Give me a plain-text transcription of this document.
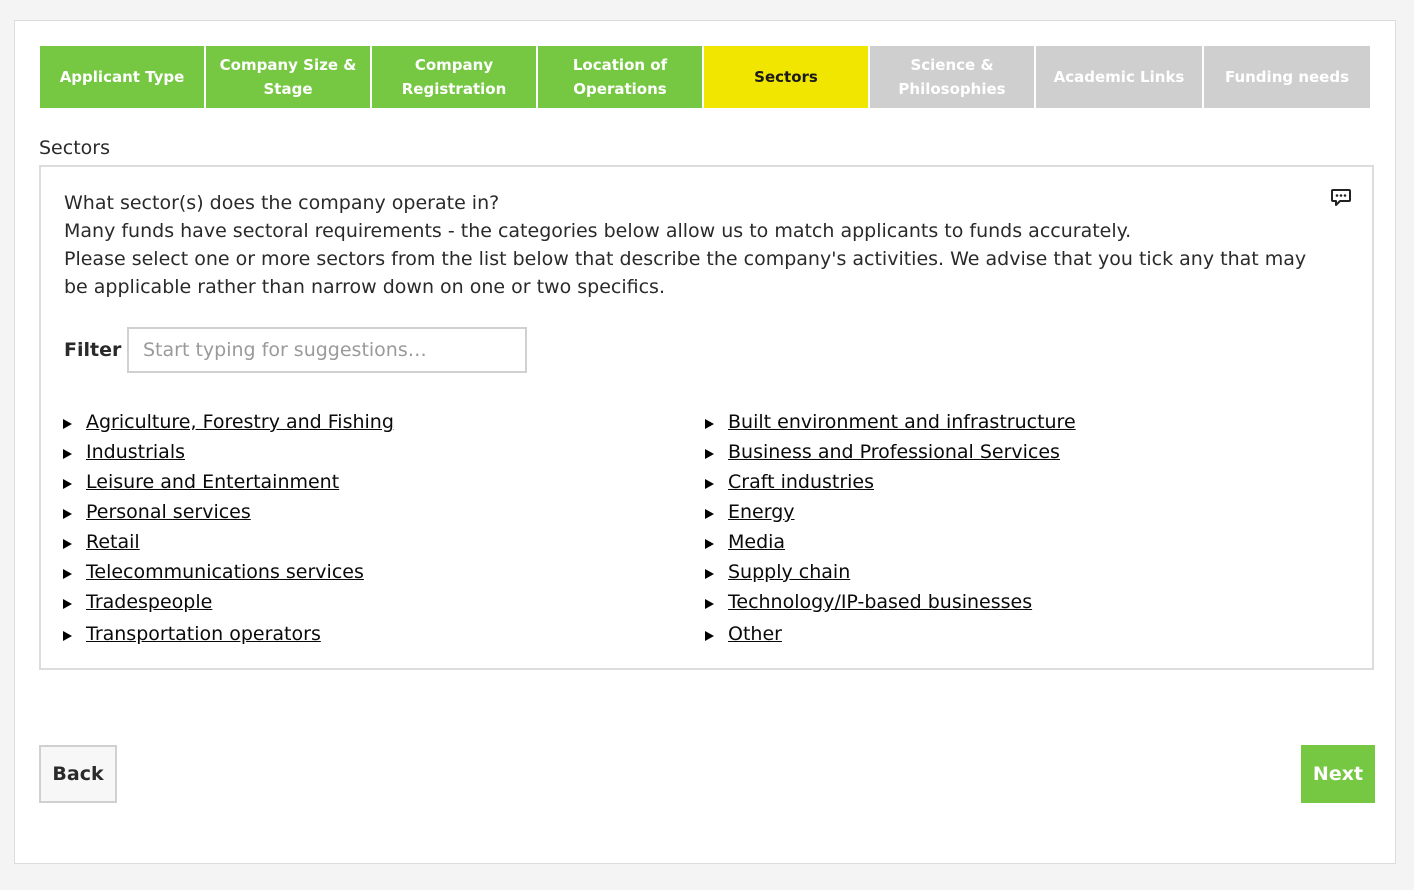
Applicant Type
Company Size & Stage
Company Registration
Location of Operations
Sectors
Science & Philosophies
Academic Links	Funding needs
Sectors

What sector(s) does the company operate in?

Many funds have sectoral requirements - the categories below allow us to match applicants to funds accurately.

Please select one or more sectors from the list below that describe the company's activities. We advise that you tick any that may be applicable rather than narrow down on one or two specifics.

Filter
Start typing for suggestions…
Agriculture, Forestry and Fishing
Industrials
Leisure and Entertainment
Personal services
Retail
Telecommunications services
Tradespeople
Transportation operators
Built environment and infrastructure
Business and Professional Services
Craft industries
Energy
Media
Supply chain
Technology/IP-based businesses
Other
Back	Next
